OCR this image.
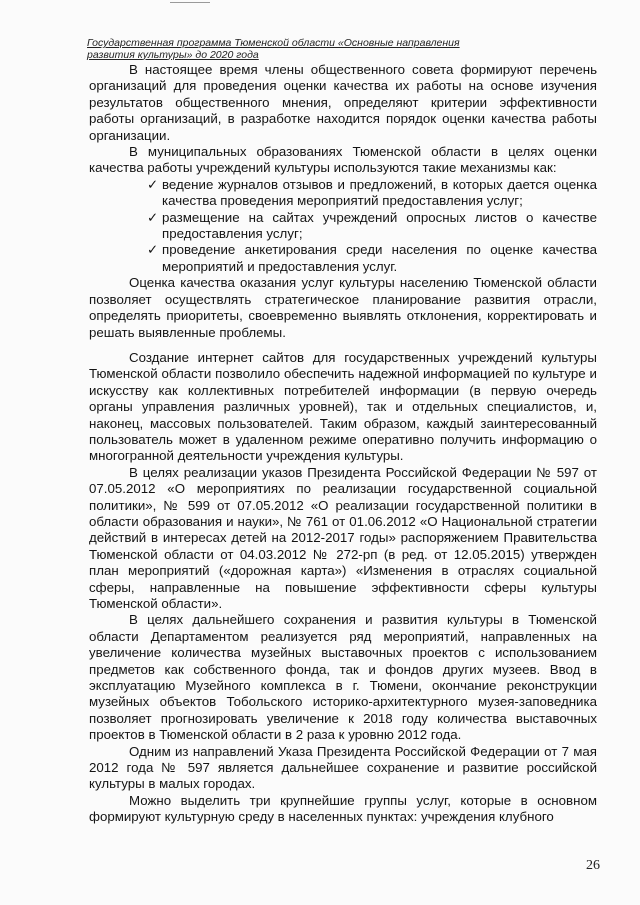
Государственная программа Тюменской области «Основные направления
развития культуры» до 2020 года

В настоящее время члены общественного совета формируют перечень организаций для проведения оценки качества их работы на основе изучения результатов общественного мнения, определяют критерии эффективности работы организаций, в разработке находится порядок оценки качества работы организации.

В муниципальных образованиях Тюменской области в целях оценки качества работы учреждений культуры используются такие механизмы как:

✓ ведение журналов отзывов и предложений, в которых дается оценка качества проведения мероприятий предоставления услуг;
✓ размещение на сайтах учреждений опросных листов о качестве предоставления услуг;
✓ проведение анкетирования среди населения по оценке качества мероприятий и предоставления услуг.

Оценка качества оказания услуг культуры населению Тюменской области позволяет осуществлять стратегическое планирование развития отрасли, определять приоритеты, своевременно выявлять отклонения, корректировать и решать выявленные проблемы.

Создание интернет сайтов для государственных учреждений культуры Тюменской области позволило обеспечить надежной информацией по культуре и искусству как коллективных потребителей информации (в первую очередь органы управления различных уровней), так и отдельных специалистов, и, наконец, массовых пользователей. Таким образом, каждый заинтересованный пользователь может в удаленном режиме оперативно получить информацию о многогранной деятельности учреждения культуры.

В целях реализации указов Президента Российской Федерации № 597 от 07.05.2012 «О мероприятиях по реализации государственной социальной политики», № 599 от 07.05.2012 «О реализации государственной политики в области образования и науки», № 761 от 01.06.2012 «О Национальной стратегии действий в интересах детей на 2012-2017 годы» распоряжением Правительства Тюменской области от 04.03.2012 № 272-рп (в ред. от 12.05.2015) утвержден план мероприятий («дорожная карта») «Изменения в отраслях социальной сферы, направленные на повышение эффективности сферы культуры Тюменской области».

В целях дальнейшего сохранения и развития культуры в Тюменской области Департаментом реализуется ряд мероприятий, направленных на увеличение количества музейных выставочных проектов с использованием предметов как собственного фонда, так и фондов других музеев. Ввод в эксплуатацию Музейного комплекса в г. Тюмени, окончание реконструкции музейных объектов Тобольского историко-архитектурного музея-заповедника позволяет прогнозировать увеличение к 2018 году количества выставочных проектов в Тюменской области в 2 раза к уровню 2012 года.

Одним из направлений Указа Президента Российской Федерации от 7 мая 2012 года № 597 является дальнейшее сохранение и развитие российской культуры в малых городах.

Можно выделить три крупнейшие группы услуг, которые в основном формируют культурную среду в населенных пунктах: учреждения клубного

26
